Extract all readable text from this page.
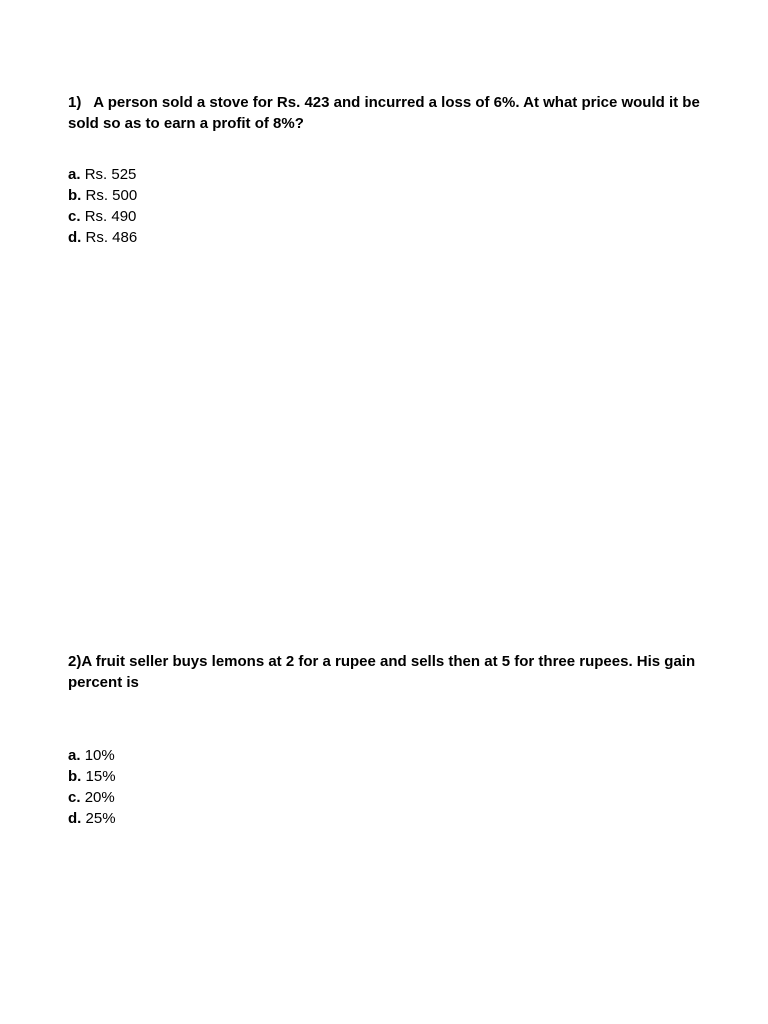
1)   A person sold a stove for Rs. 423 and incurred a loss of 6%. At what price would it be sold so as to earn a profit of 8%?

a. Rs. 525
b. Rs. 500
c. Rs. 490
d. Rs. 486

2)A fruit seller buys lemons at 2 for a rupee and sells then at 5 for three rupees. His gain percent is

a. 10%
b. 15%
c. 20%
d. 25%
